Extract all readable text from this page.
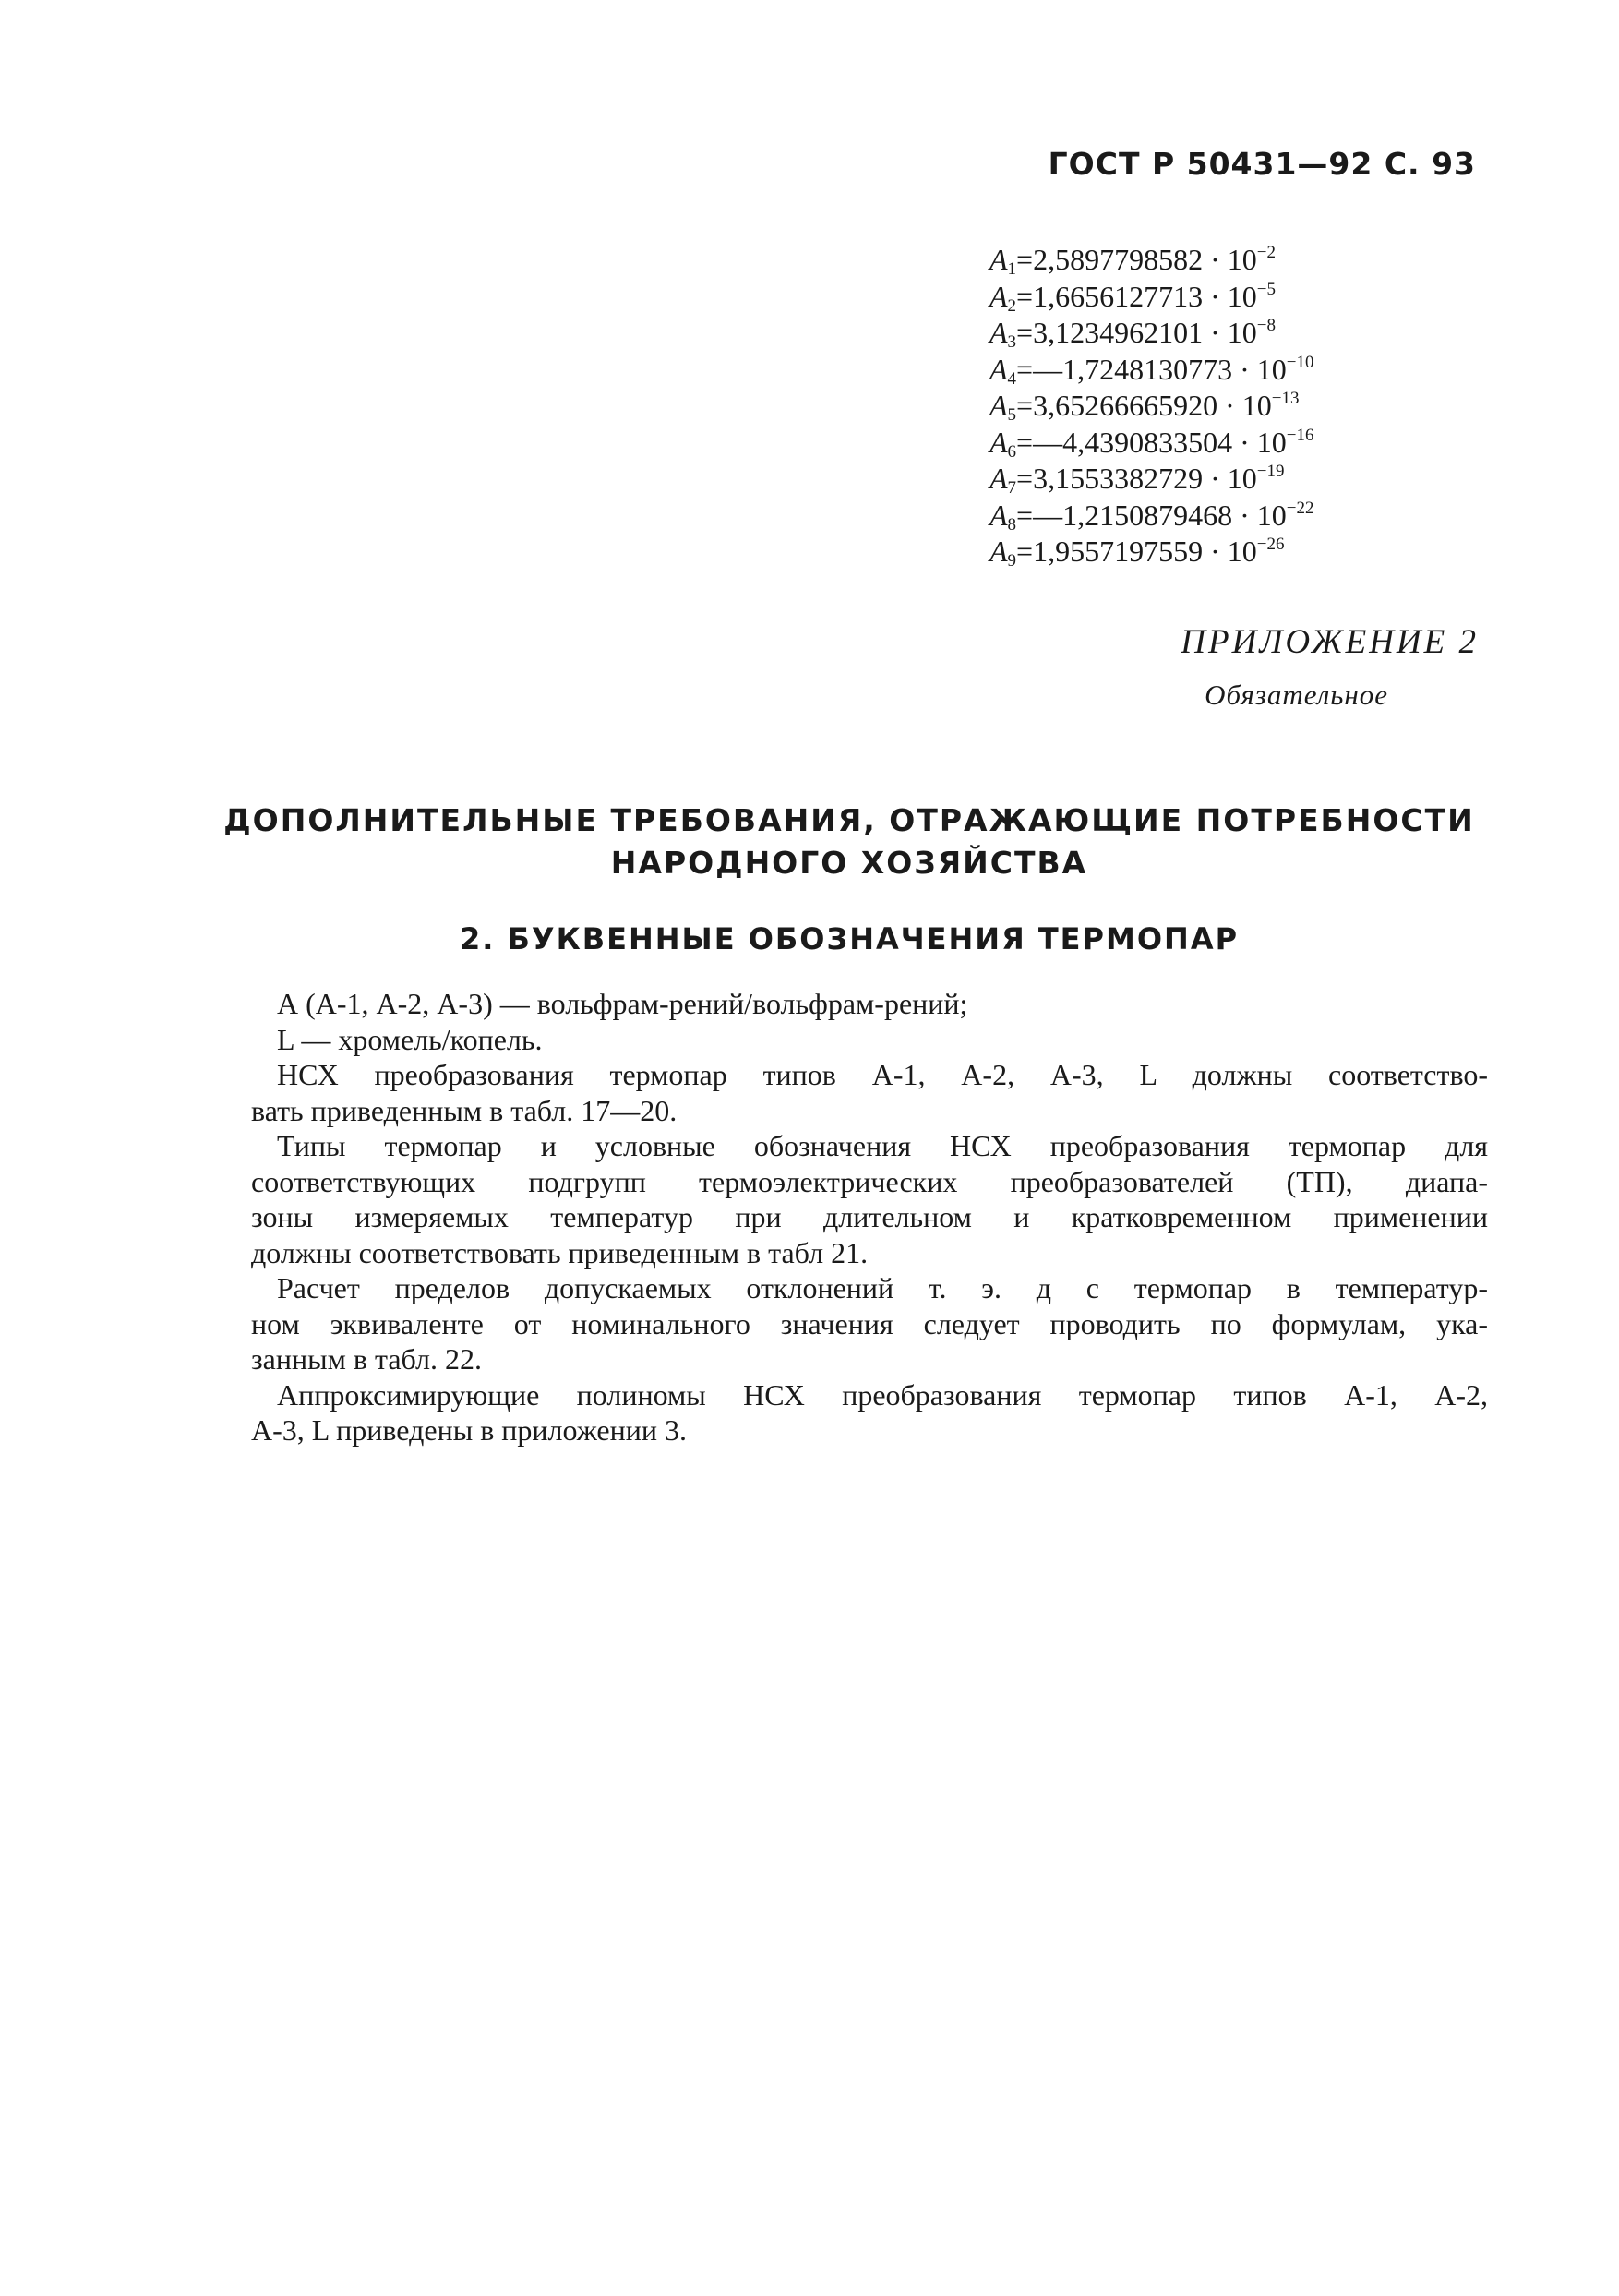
ГОСТ Р 50431—92 С. 93
$A_1=2,5897798582 \cdot 10^{-2}$
$A_2=1,6656127713 \cdot 10^{-5}$
$A_3=3,1234962101 \cdot 10^{-8}$
$A_4=—1,7248130773 \cdot 10^{-10}$
$A_5=3,65266665920 \cdot 10^{-13}$
$A_6=—4,4390833504 \cdot 10^{-16}$
$A_7=3,1553382729 \cdot 10^{-19}$
$A_8=—1,2150879468 \cdot 10^{-22}$
$A_9=1,9557197559 \cdot 10^{-26}$
ПРИЛОЖЕНИЕ 2
Обязательное
ДОПОЛНИТЕЛЬНЫЕ ТРЕБОВАНИЯ, ОТРАЖАЮЩИЕ ПОТРЕБНОСТИ
НАРОДНОГО ХОЗЯЙСТВА
2. БУКВЕННЫЕ ОБОЗНАЧЕНИЯ ТЕРМОПАР
А (А-1, А-2, А-3) — вольфрам-рений/вольфрам-рений;
L — хромель/копель.
НСХ преобразования термопар типов А-1, А-2, А-3, L должны соответство-
вать приведенным в табл. 17—20.
Типы термопар и условные обозначения НСХ преобразования термопар для
соответствующих подгрупп термоэлектрических преобразователей (ТП), диапа-
зоны измеряемых температур при длительном и кратковременном применении
должны соответствовать приведенным в табл 21.
Расчет пределов допускаемых отклонений т. э. д с термопар в температур-
ном эквиваленте от номинального значения следует проводить по формулам, ука-
занным в табл. 22.
Аппроксимирующие полиномы НСХ преобразования термопар типов А-1, А-2,
А-3, L приведены в приложении 3.
